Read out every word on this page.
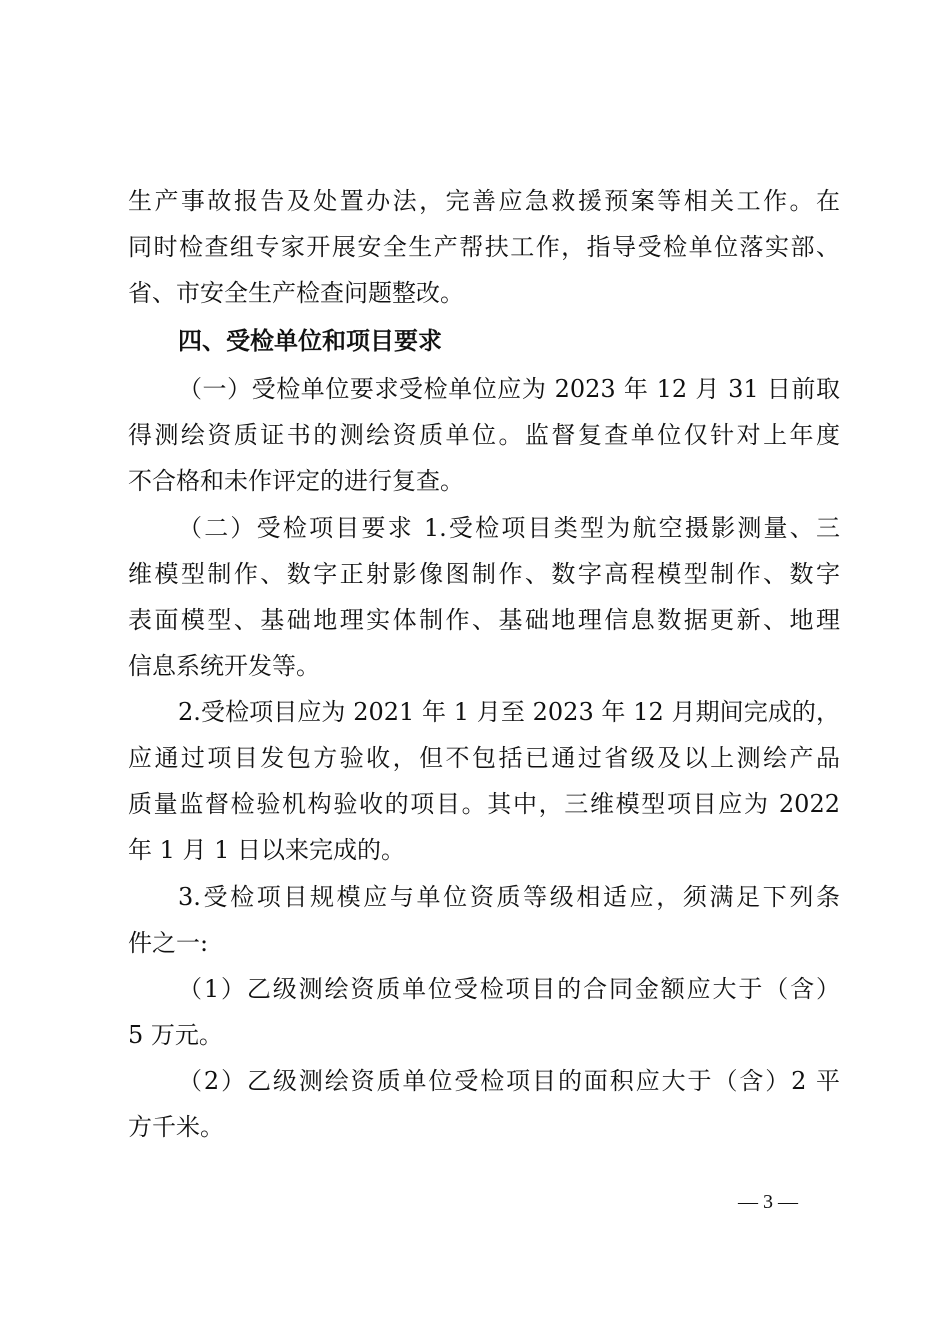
生产事故报告及处置办法，完善应急救援预案等相关工作。在
同时检查组专家开展安全生产帮扶工作，指导受检单位落实部、
省、市安全生产检查问题整改。
四、受检单位和项目要求
（一）受检单位要求受检单位应为 2023 年 12 月 31 日前取
得测绘资质证书的测绘资质单位。监督复查单位仅针对上年度
不合格和未作评定的进行复查。
（二）受检项目要求 1.受检项目类型为航空摄影测量、三
维模型制作、数字正射影像图制作、数字高程模型制作、数字
表面模型、基础地理实体制作、基础地理信息数据更新、地理
信息系统开发等。
2.受检项目应为 2021 年 1 月至 2023 年 12 月期间完成的，
应通过项目发包方验收，但不包括已通过省级及以上测绘产品
质量监督检验机构验收的项目。其中，三维模型项目应为 2022
年 1 月 1 日以来完成的。
3.受检项目规模应与单位资质等级相适应，须满足下列条
件之一:
（1）乙级测绘资质单位受检项目的合同金额应大于（含）
5 万元。
（2）乙级测绘资质单位受检项目的面积应大于（含）2 平
方千米。
— 3 —
